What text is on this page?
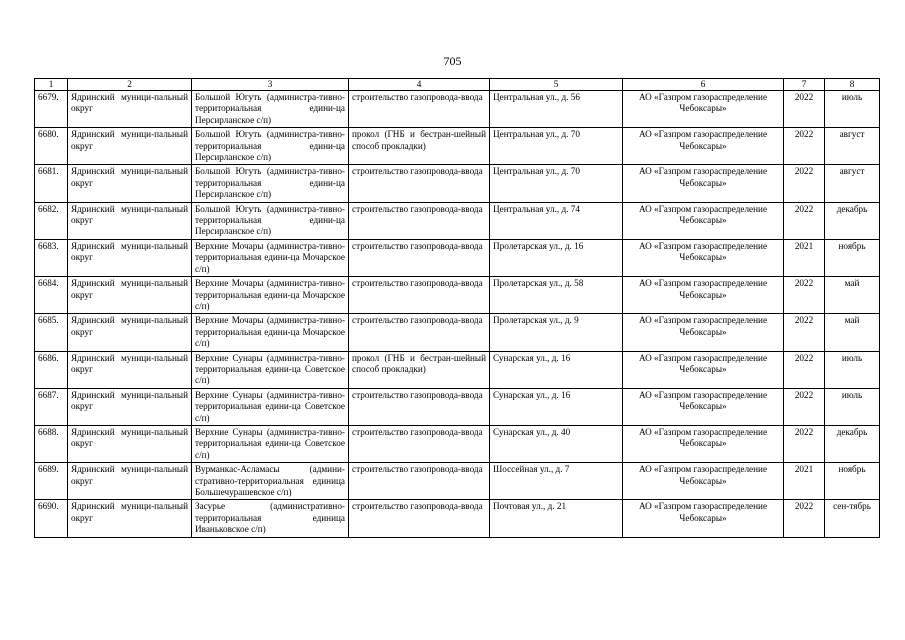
705
1	2	3	4	5	6	7	8
6679.	Ядринский муници-пальный округ	Большой Югуть (администра-тивно-территориальная едини-ца Персирланское с/п)	строительство газопровода-ввода	Центральная ул., д. 56	АО «Газпром газораспределение Чебоксары»	2022	июль
6680.	Ядринский муници-пальный округ	Большой Югуть (администра-тивно-территориальная едини-ца Персирланское с/п)	прокол (ГНБ и бестран-шейный способ прокладки)	Центральная ул., д. 70	АО «Газпром газораспределение Чебоксары»	2022	август
6681.	Ядринский муници-пальный округ	Большой Югуть (администра-тивно-территориальная едини-ца Персирланское с/п)	строительство газопровода-ввода	Центральная ул., д. 70	АО «Газпром газораспределение Чебоксары»	2022	август
6682.	Ядринский муници-пальный округ	Большой Югуть (администра-тивно-территориальная едини-ца Персирланское с/п)	строительство газопровода-ввода	Центральная ул., д. 74	АО «Газпром газораспределение Чебоксары»	2022	декабрь
6683.	Ядринский муници-пальный округ	Верхние Мочары (администра-тивно-территориальная едини-ца Мочарское с/п)	строительство газопровода-ввода	Пролетарская ул., д. 16	АО «Газпром газораспределение Чебоксары»	2021	ноябрь
6684.	Ядринский муници-пальный округ	Верхние Мочары (администра-тивно-территориальная едини-ца Мочарское с/п)	строительство газопровода-ввода	Пролетарская ул., д. 58	АО «Газпром газораспределение Чебоксары»	2022	май
6685.	Ядринский муници-пальный округ	Верхние Мочары (администра-тивно-территориальная едини-ца Мочарское с/п)	строительство газопровода-ввода	Пролетарская ул., д. 9	АО «Газпром газораспределение Чебоксары»	2022	май
6686.	Ядринский муници-пальный округ	Верхние Сунары (администра-тивно-территориальная едини-ца Советское с/п)	прокол (ГНБ и бестран-шейный способ прокладки)	Сунарская ул., д. 16	АО «Газпром газораспределение Чебоксары»	2022	июль
6687.	Ядринский муници-пальный округ	Верхние Сунары (администра-тивно-территориальная едини-ца Советское с/п)	строительство газопровода-ввода	Сунарская ул., д. 16	АО «Газпром газораспределение Чебоксары»	2022	июль
6688.	Ядринский муници-пальный округ	Верхние Сунары (администра-тивно-территориальная едини-ца Советское с/п)	строительство газопровода-ввода	Сунарская ул., д. 40	АО «Газпром газораспределение Чебоксары»	2022	декабрь
6689.	Ядринский муници-пальный округ	Вурманкас-Асламасы (админи-стративно-территориальная единица Большечурашевское с/п)	строительство газопровода-ввода	Шоссейная ул., д. 7	АО «Газпром газораспределение Чебоксары»	2021	ноябрь
6690.	Ядринский муници-пальный округ	Засурье (административно-территориальная единица Иваньковское с/п)	строительство газопровода-ввода	Почтовая ул., д. 21	АО «Газпром газораспределение Чебоксары»	2022	сен-тябрь
